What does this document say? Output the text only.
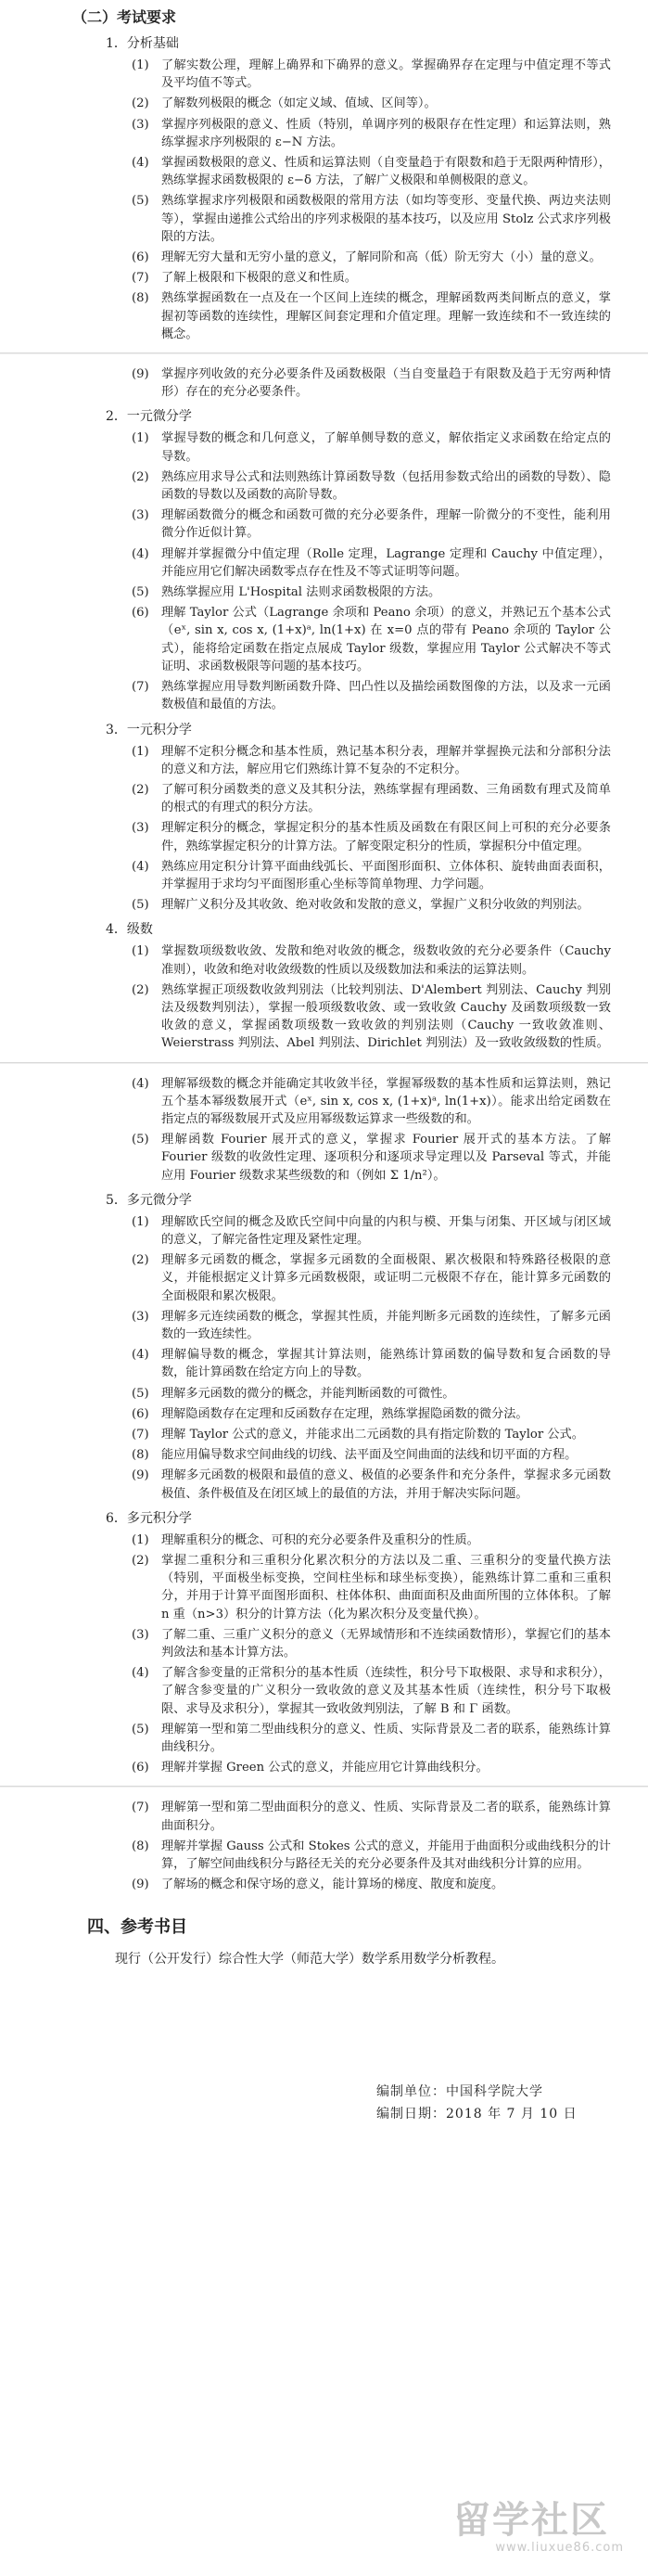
（二）考试要求
1．分析基础
(1) 了解实数公理，理解上确界和下确界的意义。掌握确界存在定理与中值定理不等式及平均值不等式。
(2) 了解数列极限的概念（如定义域、值域、区间等）。
(3) 掌握序列极限的意义、性质（特别，单调序列的极限存在性定理）和运算法则，熟练掌握求序列极限的 ε−N 方法。
(4) 掌握函数极限的意义、性质和运算法则（自变量趋于有限数和趋于无限两种情形），熟练掌握求函数极限的 ε−δ 方法，了解广义极限和单侧极限的意义。
(5) 熟练掌握求序列极限和函数极限的常用方法（如均等变形、变量代换、两边夹法则等），掌握由递推公式给出的序列求极限的基本技巧，以及应用 Stolz 公式求序列极限的方法。
(6) 理解无穷大量和无穷小量的意义，了解同阶和高（低）阶无穷大（小）量的意义。
(7) 了解上极限和下极限的意义和性质。
(8) 熟练掌握函数在一点及在一个区间上连续的概念，理解函数两类间断点的意义，掌握初等函数的连续性，理解区间套定理和介值定理。理解一致连续和不一致连续的概念。
(9) 掌握序列收敛的充分必要条件及函数极限（当自变量趋于有限数及趋于无穷两种情形）存在的充分必要条件。
2．一元微分学
(1) 掌握导数的概念和几何意义，了解单侧导数的意义，解依指定义求函数在给定点的导数。
(2) 熟练应用求导公式和法则熟练计算函数导数（包括用参数式给出的函数的导数）、隐函数的导数以及函数的高阶导数。
(3) 理解函数微分的概念和函数可微的充分必要条件，理解一阶微分的不变性，能利用微分作近似计算。
(4) 理解并掌握微分中值定理（Rolle 定理，Lagrange 定理和 Cauchy 中值定理），并能应用它们解决函数零点存在性及不等式证明等问题。
(5) 熟练掌握应用 L'Hospital 法则求函数极限的方法。
(6) 理解 Taylor 公式（Lagrange 余项和 Peano 余项）的意义，并熟记五个基本公式（eˣ, sin x, cos x, (1+x)ᵃ, ln(1+x) 在 x=0 点的带有 Peano 余项的 Taylor 公式），能将给定函数在指定点展成 Taylor 级数，掌握应用 Taylor 公式解决不等式证明、求函数极限等问题的基本技巧。
(7) 熟练掌握应用导数判断函数升降、凹凸性以及描绘函数图像的方法，以及求一元函数极值和最值的方法。
3．一元积分学
(1) 理解不定积分概念和基本性质，熟记基本积分表，理解并掌握换元法和分部积分法的意义和方法，解应用它们熟练计算不复杂的不定积分。
(2) 了解可积分函数类的意义及其积分法，熟练掌握有理函数、三角函数有理式及简单的根式的有理式的积分方法。
(3) 理解定积分的概念，掌握定积分的基本性质及函数在有限区间上可积的充分必要条件，熟练掌握定积分的计算方法。了解变限定积分的性质，掌握积分中值定理。
(4) 熟练应用定积分计算平面曲线弧长、平面图形面积、立体体积、旋转曲面表面积，并掌握用于求均匀平面图形重心坐标等简单物理、力学问题。
(5) 理解广义积分及其收敛、绝对收敛和发散的意义，掌握广义积分收敛的判别法。
4．级数
(1) 掌握数项级数收敛、发散和绝对收敛的概念，级数收敛的充分必要条件（Cauchy 准则），收敛和绝对收敛级数的性质以及级数加法和乘法的运算法则。
(2) 熟练掌握正项级数收敛判别法（比较判别法、D'Alembert 判别法、Cauchy 判别法及级数判别法），掌握一般项级数收敛、或一致收敛 Cauchy 及函数项级数一致收敛的意义，掌握函数项级数一致收敛的判别法则（Cauchy 一致收敛准则、Weierstrass 判别法、Abel 判别法、Dirichlet 判别法）及一致收敛级数的性质。
(4) 理解幂级数的概念并能确定其收敛半径，掌握幂级数的基本性质和运算法则，熟记五个基本幂级数展开式（eˣ, sin x, cos x, (1+x)ᵃ, ln(1+x)）。能求出给定函数在指定点的幂级数展开式及应用幂级数运算求一些级数的和。
(5) 理解函数 Fourier 展开式的意义，掌握求 Fourier 展开式的基本方法。了解 Fourier 级数的收敛性定理、逐项积分和逐项求导定理以及 Parseval 等式，并能应用 Fourier 级数求某些级数的和（例如 Σ 1/n²）。
5．多元微分学
(1) 理解欧氏空间的概念及欧氏空间中向量的内积与模、开集与闭集、开区域与闭区域的意义，了解完备性定理及紧性定理。
(2) 理解多元函数的概念，掌握多元函数的全面极限、累次极限和特殊路径极限的意义，并能根据定义计算多元函数极限，或证明二元极限不存在，能计算多元函数的全面极限和累次极限。
(3) 理解多元连续函数的概念，掌握其性质，并能判断多元函数的连续性，了解多元函数的一致连续性。
(4) 理解偏导数的概念，掌握其计算法则，能熟练计算函数的偏导数和复合函数的导数，能计算函数在给定方向上的导数。
(5) 理解多元函数的微分的概念，并能判断函数的可微性。
(6) 理解隐函数存在定理和反函数存在定理，熟练掌握隐函数的微分法。
(7) 理解 Taylor 公式的意义，并能求出二元函数的具有指定阶数的 Taylor 公式。
(8) 能应用偏导数求空间曲线的切线、法平面及空间曲面的法线和切平面的方程。
(9) 理解多元函数的极限和最值的意义、极值的必要条件和充分条件，掌握求多元函数极值、条件极值及在闭区域上的最值的方法，并用于解决实际问题。
6．多元积分学
(1) 理解重积分的概念、可积的充分必要条件及重积分的性质。
(2) 掌握二重积分和三重积分化累次积分的方法以及二重、三重积分的变量代换方法（特别，平面极坐标变换，空间柱坐标和球坐标变换），能熟练计算二重和三重积分，并用于计算平面图形面积、柱体体积、曲面面积及曲面所围的立体体积。了解 n 重（n>3）积分的计算方法（化为累次积分及变量代换）。
(3) 了解二重、三重广义积分的意义（无界域情形和不连续函数情形），掌握它们的基本判敛法和基本计算方法。
(4) 了解含参变量的正常积分的基本性质（连续性，积分号下取极限、求导和求积分），了解含参变量的广义积分一致收敛的意义及其基本性质（连续性，积分号下取极限、求导及求积分），掌握其一致收敛判别法，了解 B 和 Γ 函数。
(5) 理解第一型和第二型曲线积分的意义、性质、实际背景及二者的联系，能熟练计算曲线积分。
(6) 理解并掌握 Green 公式的意义，并能应用它计算曲线积分。
(7) 理解第一型和第二型曲面积分的意义、性质、实际背景及二者的联系，能熟练计算曲面积分。
(8) 理解并掌握 Gauss 公式和 Stokes 公式的意义，并能用于曲面积分或曲线积分的计算，了解空间曲线积分与路径无关的充分必要条件及其对曲线积分计算的应用。
(9) 了解场的概念和保守场的意义，能计算场的梯度、散度和旋度。
四、参考书目
现行（公开发行）综合性大学（师范大学）数学系用数学分析教程。
编制单位：中国科学院大学
编制日期：2018 年 7 月 10 日
留学社区
www.liuxue86.com
